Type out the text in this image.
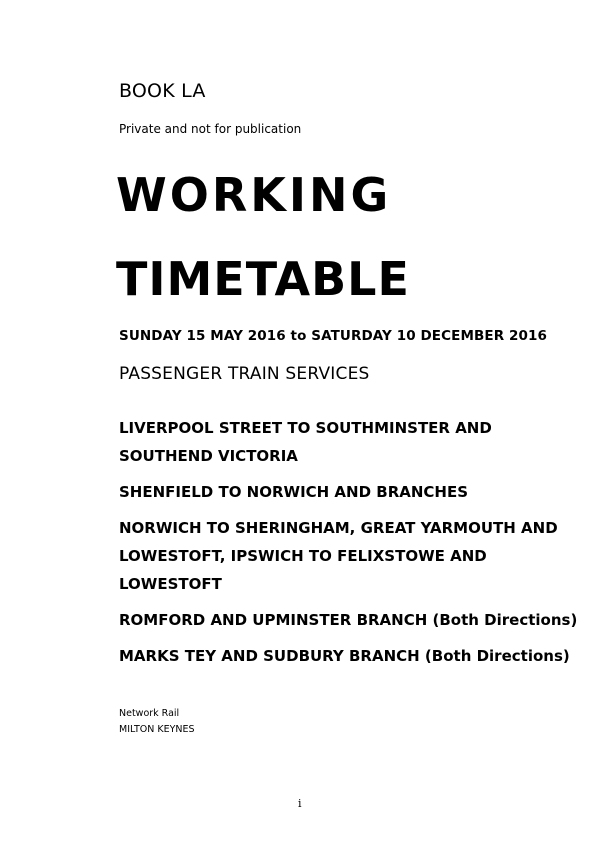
BOOK LA
Private and not for publication
WORKING
TIMETABLE
SUNDAY 15 MAY 2016 to SATURDAY 10 DECEMBER 2016
PASSENGER TRAIN SERVICES
LIVERPOOL STREET TO SOUTHMINSTER AND SOUTHEND VICTORIA
SHENFIELD TO NORWICH AND BRANCHES
NORWICH TO SHERINGHAM, GREAT YARMOUTH AND LOWESTOFT, IPSWICH TO FELIXSTOWE AND LOWESTOFT
ROMFORD AND UPMINSTER BRANCH (Both Directions)
MARKS TEY AND SUDBURY BRANCH (Both Directions)
Network Rail
MILTON KEYNES
i
